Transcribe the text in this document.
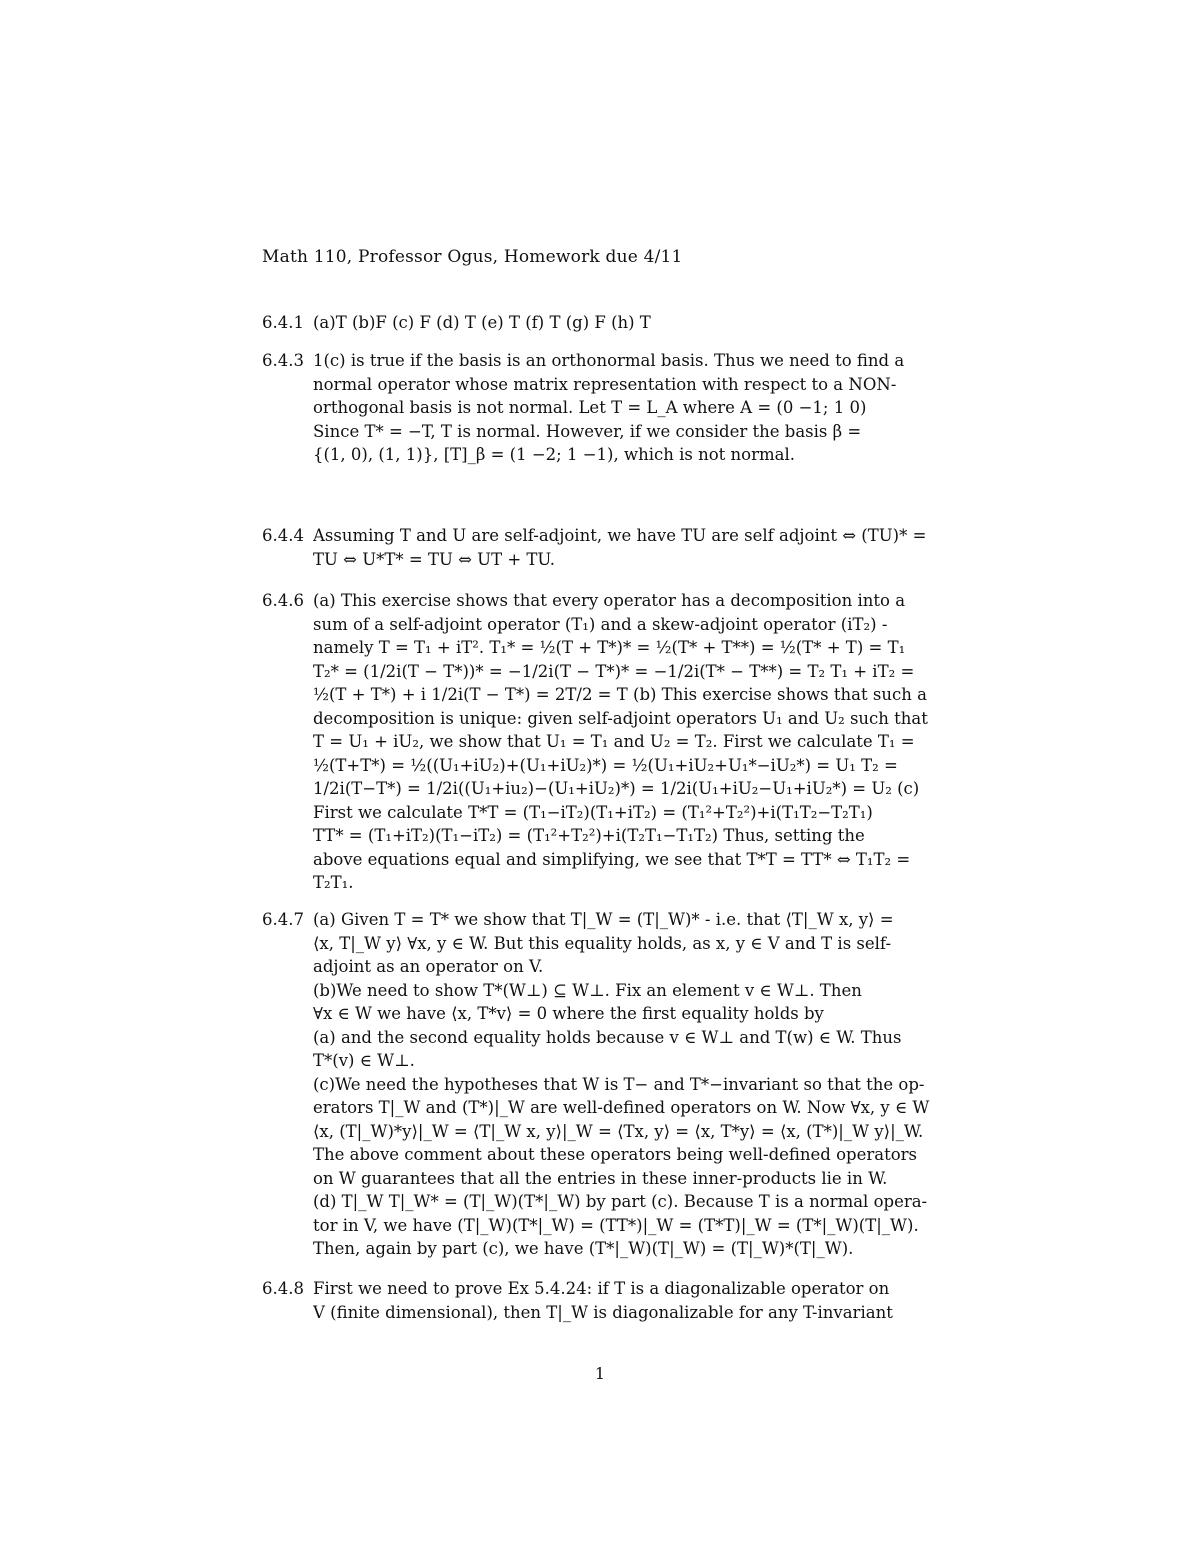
Math 110, Professor Ogus, Homework due 4/11
6.4.1 (a)T (b)F (c) F (d) T (e) T (f) T (g) F (h) T
6.4.3 1(c) is true if the basis is an orthonormal basis. Thus we need to find a
normal operator whose matrix representation with respect to a NON-
orthogonal basis is not normal. Let T = L_A where A = (0 −1; 1 0)
Since T* = −T, T is normal. However, if we consider the basis β =
{(1, 0), (1, 1)}, [T]_β = (1 −2; 1 −1), which is not normal.
6.4.4 Assuming T and U are self-adjoint, we have TU are self adjoint ⇔ (TU)* =
TU ⇔ U*T* = TU ⇔ UT + TU.
6.4.6 (a) This exercise shows that every operator has a decomposition into a
sum of a self-adjoint operator (T₁) and a skew-adjoint operator (iT₂) -
namely T = T₁ + iT². T₁* = ½(T + T*)* = ½(T* + T**) = ½(T* + T) = T₁
T₂* = (1/2i(T − T*))* = −1/2i(T − T*)* = −1/2i(T* − T**) = T₂ T₁ + iT₂ =
½(T + T*) + i 1/2i(T − T*) = 2T/2 = T (b) This exercise shows that such a
decomposition is unique: given self-adjoint operators U₁ and U₂ such that
T = U₁ + iU₂, we show that U₁ = T₁ and U₂ = T₂. First we calculate T₁ =
½(T+T*) = ½((U₁+iU₂)+(U₁+iU₂)*) = ½(U₁+iU₂+U₁*−iU₂*) = U₁ T₂ =
1/2i(T−T*) = 1/2i((U₁+iu₂)−(U₁+iU₂)*) = 1/2i(U₁+iU₂−U₁+iU₂*) = U₂ (c)
First we calculate T*T = (T₁−iT₂)(T₁+iT₂) = (T₁²+T₂²)+i(T₁T₂−T₂T₁)
TT* = (T₁+iT₂)(T₁−iT₂) = (T₁²+T₂²)+i(T₂T₁−T₁T₂) Thus, setting the
above equations equal and simplifying, we see that T*T = TT* ⇔ T₁T₂ =
T₂T₁.
6.4.7 (a) Given T = T* we show that T|_W = (T|_W)* - i.e. that ⟨T|_W x, y⟩ =
⟨x, T|_W y⟩ ∀x, y ∈ W. But this equality holds, as x, y ∈ V and T is self-
adjoint as an operator on V.
(b)We need to show T*(W⊥) ⊆ W⊥. Fix an element v ∈ W⊥. Then
∀x ∈ W we have ⟨x, T*v⟩ = 0 where the first equality holds by
(a) and the second equality holds because v ∈ W⊥ and T(w) ∈ W. Thus
T*(v) ∈ W⊥.
(c)We need the hypotheses that W is T− and T*−invariant so that the op-
erators T|_W and (T*)|_W are well-defined operators on W. Now ∀x, y ∈ W
⟨x, (T|_W)*y⟩|_W = ⟨T|_W x, y⟩|_W = ⟨Tx, y⟩ = ⟨x, T*y⟩ = ⟨x, (T*)|_W y⟩|_W.
The above comment about these operators being well-defined operators
on W guarantees that all the entries in these inner-products lie in W.
(d) T|_W T|_W* = (T|_W)(T*|_W) by part (c). Because T is a normal opera-
tor in V, we have (T|_W)(T*|_W) = (TT*)|_W = (T*T)|_W = (T*|_W)(T|_W).
Then, again by part (c), we have (T*|_W)(T|_W) = (T|_W)*(T|_W).
6.4.8 First we need to prove Ex 5.4.24: if T is a diagonalizable operator on
V (finite dimensional), then T|_W is diagonalizable for any T-invariant
1
